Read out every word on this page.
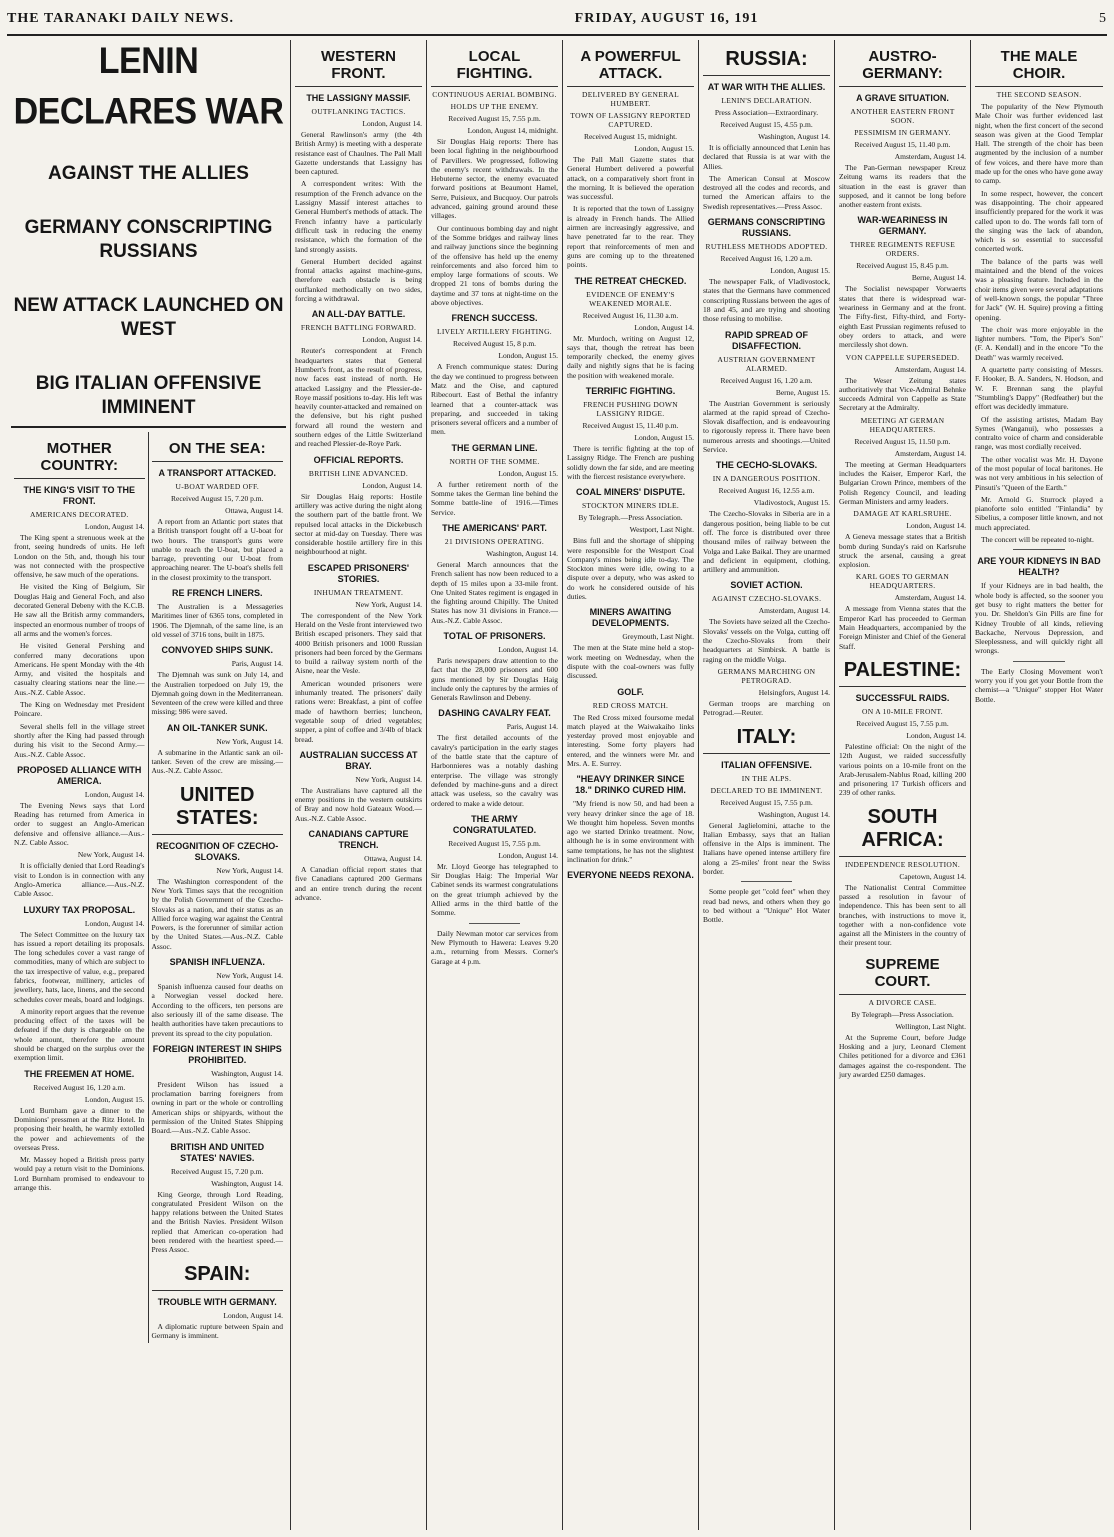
THE TARANAKI DAILY NEWS.	FRIDAY, AUGUST 16, 191	5
LENIN DECLARES WAR
AGAINST THE ALLIES
GERMANY CONSCRIPTING RUSSIANS
NEW ATTACK LAUNCHED ON WEST
BIG ITALIAN OFFENSIVE IMMINENT
MOTHER COUNTRY:
THE KING'S VISIT TO THE FRONT.
AMERICANS DECORATED.
London, August 14.

The King spent a strenuous week at the front, seeing hundreds of units. He left London on the 5th, and, though his tour was not connected with the prospective offensive, he saw much of the operations.

He visited the King of Belgium, Sir Douglas Haig and General Foch, and also decorated General Debeny with the K.C.B. He saw all the British army commanders, inspected an enormous number of troops of all arms and the women's forces.

He visited General Pershing and conferred many decorations upon Americans. He spent Monday with the 4th Army, and visited the hospitals and casualty clearing stations near the line.—Aus.-N.Z. Cable Assoc.

The King on Wednesday met President Poincare.

Several shells fell in the village street shortly after the King had passed through during his visit to the Second Army.—Aus.-N.Z. Cable Assoc.

PROPOSED ALLIANCE WITH AMERICA.
London, August 14.

The Evening News says that Lord Reading has returned from America in order to suggest an Anglo-American defensive and offensive alliance.—Aus.-N.Z. Cable Assoc.

New York, August 14.

It is officially denied that Lord Reading's visit to London is in connection with any Anglo-America alliance.—Aus.-N.Z. Cable Assoc.

LUXURY TAX PROPOSAL.
London, August 14.

The Select Committee on the luxury tax has issued a report detailing its proposals. The long schedules cover a vast range of commodities, many of which are subject to the tax irrespective of value, e.g., prepared fabrics, footwear, millinery, articles of jewellery, hats, lace, linens, and the second schedules cover meals, board and lodgings.

A minority report argues that the revenue producing effect of the taxes will be defeated if the duty is chargeable on the whole amount, therefore the amount should be charged on the surplus over the exemption limit.

THE FREEMEN AT HOME.
Received August 16, 1.20 a.m.
London, August 15.

Lord Burnham gave a dinner to the Dominions' pressmen at the Ritz Hotel. In proposing their health, he warmly extolled the power and achievements of the overseas Press.

Mr. Massey hoped a British press party would pay a return visit to the Dominions. Lord Burnham promised to endeavour to arrange this.

ON THE SEA:
A TRANSPORT ATTACKED.
U-BOAT WARDED OFF.
Received August 15, 7.20 p.m.
Ottawa, August 14.

A report from an Atlantic port states that a British transport fought off a U-boat for two hours. The transport's guns were unable to reach the U-boat, but placed a barrage, preventing our U-boat from approaching nearer. The U-boat's shells fell in the closest proximity to the transport.

RE FRENCH LINERS.

The Australien is a Messageries Maritimes liner of 6365 tons, completed in 1906. The Djemnah, of the same line, is an old vessel of 3716 tons, built in 1875.

CONVOYED SHIPS SUNK.
Paris, August 14.

The Djemnah was sunk on July 14, and the Australien torpedoed on July 19, the Djemnah going down in the Mediterranean. Seventeen of the crew were killed and three missing; 986 were saved.

AN OIL-TANKER SUNK.
New York, August 14.

A submarine in the Atlantic sank an oil-tanker. Seven of the crew are missing.—Aus.-N.Z. Cable Assoc.

UNITED STATES:
RECOGNITION OF CZECHO-SLOVAKS.
New York, August 14.

The Washington correspondent of the New York Times says that the recognition by the Polish Government of the Czecho-Slovaks as a nation, and their status as an Allied force waging war against the Central Powers, is the forerunner of similar action by the United States.—Aus.-N.Z. Cable Assoc.

SPANISH INFLUENZA.
New York, August 14.

Spanish influenza caused four deaths on a Norwegian vessel docked here. According to the officers, ten persons are also seriously ill of the same disease. The health authorities have taken precautions to prevent its spread to the city population.

FOREIGN INTEREST IN SHIPS PROHIBITED.
Washington, August 14.

President Wilson has issued a proclamation barring foreigners from owning in part or the whole or controlling American ships or shipyards, without the permission of the United States Shipping Board.—Aus.-N.Z. Cable Assoc.

BRITISH AND UNITED STATES' NAVIES.
Received August 15, 7.20 p.m.
Washington, August 14.

King George, through Lord Reading, congratulated President Wilson on the happy relations between the United States and the British Navies. President Wilson replied that American co-operation had been rendered with the heartiest speed.—Press Assoc.

SPAIN:
TROUBLE WITH GERMANY.
London, August 14.

A diplomatic rupture between Spain and Germany is imminent.

WESTERN FRONT.
THE LASSIGNY MASSIF.
OUTFLANKING TACTICS.
London, August 14.

General Rawlinson's army (the 4th British Army) is meeting with a desperate resistance east of Chaulnes. The Pall Mall Gazette understands that Lassigny has been captured.

A correspondent writes: With the resumption of the French advance on the Lassigny Massif interest attaches to General Humbert's methods of attack. The French infantry have a particularly difficult task in reducing the enemy resistance, which the formation of the land strongly assists.

General Humbert decided against frontal attacks against machine-guns, therefore each obstacle is being outflanked methodically on two sides, forcing a withdrawal.

AN ALL-DAY BATTLE.
FRENCH BATTLING FORWARD.
London, August 14.

Reuter's correspondent at French headquarters states that General Humbert's front, as the result of progress, now faces east instead of north. He attacked Lassigny and the Plessier-de-Roye massif positions to-day. His left was heavily counter-attacked and remained on the defensive, but his right pushed forward all round the western and southern edges of the Little Switzerland and reached Plessier-de-Roye Park.

OFFICIAL REPORTS.
BRITISH LINE ADVANCED.
London, August 14.

Sir Douglas Haig reports: Hostile artillery was active during the night along the southern part of the battle front. We repulsed local attacks in the Dickebusch sector at mid-day on Tuesday. There was considerable hostile artillery fire in this neighbourhood at night.

ESCAPED PRISONERS' STORIES.
INHUMAN TREATMENT.
New York, August 14.

The correspondent of the New York Herald on the Vesle front interviewed two British escaped prisoners. They said that 4000 British prisoners and 1000 Russian prisoners had been forced by the Germans to build a railway system north of the Aisne, near the Vesle.

American wounded prisoners were inhumanly treated. The prisoners' daily rations were: Breakfast, a pint of coffee made of hawthorn berries; luncheon, vegetable soup of dried vegetables; supper, a pint of coffee and 3/4lb of black bread.

AUSTRALIAN SUCCESS AT BRAY.
New York, August 14.

The Australians have captured all the enemy positions in the western outskirts of Bray and now hold Gateaux Wood.—Aus.-N.Z. Cable Assoc.

CANADIANS CAPTURE TRENCH.
Ottawa, August 14.

A Canadian official report states that five Canadians captured 200 Germans and an entire trench during the recent advance.

LOCAL FIGHTING.
CONTINUOUS AERIAL BOMBING.
HOLDS UP THE ENEMY.
Received August 15, 7.55 p.m.
London, August 14, midnight.

Sir Douglas Haig reports: There has been local fighting in the neighbourhood of Parvillers. We progressed, following the enemy's recent withdrawals. In the Hebuterne sector, the enemy evacuated forward positions at Beaumont Hamel, Serre, Puisieux, and Bucquoy. Our patrols advanced, gaining ground around these villages.

Our continuous bombing day and night of the Somme bridges and railway lines and railway junctions since the beginning of the offensive has held up the enemy reinforcements and also forced him to employ large formations of scouts. We dropped 21 tons of bombs during the daytime and 37 tons at night-time on the above objectives.

FRENCH SUCCESS.
LIVELY ARTILLERY FIGHTING.
Received August 15, 8 p.m.
London, August 15.

A French communique states: During the day we continued to progress between Matz and the Oise, and captured Ribecourt. East of Bethal the infantry learned that a counter-attack was preparing, and succeeded in taking prisoners several officers and a number of men.

THE GERMAN LINE.
NORTH OF THE SOMME.
London, August 15.

A further retirement north of the Somme takes the German line behind the Somme battle-line of 1916.—Times Service.

THE AMERICANS' PART.
21 DIVISIONS OPERATING.
Washington, August 14.

General March announces that the French salient has now been reduced to a depth of 15 miles upon a 33-mile front. One United States regiment is engaged in the fighting around Chipilly. The United States has now 31 divisions in France.—Aus.-N.Z. Cable Assoc.

TOTAL OF PRISONERS.
London, August 14.

Paris newspapers draw attention to the fact that the 28,000 prisoners and 600 guns mentioned by Sir Douglas Haig include only the captures by the armies of Generals Rawlinson and Debeny.

DASHING CAVALRY FEAT.
Paris, August 14.

The first detailed accounts of the cavalry's participation in the early stages of the battle state that the capture of Harbonnieres was a notably dashing enterprise. The village was strongly defended by machine-guns and a direct attack was useless, so the cavalry was ordered to make a wide detour.

THE ARMY CONGRATULATED.
Received August 15, 7.55 p.m.
London, August 14.

Mr. Lloyd George has telegraphed to Sir Douglas Haig: The Imperial War Cabinet sends its warmest congratulations on the great triumph achieved by the Allied arms in the third battle of the Somme.

Daily Newman motor car services from New Plymouth to Hawera: Leaves 9.20 a.m., returning from Messrs. Corner's Garage at 4 p.m.

A POWERFUL ATTACK.
DELIVERED BY GENERAL HUMBERT.
TOWN OF LASSIGNY REPORTED CAPTURED.
Received August 15, midnight.
London, August 15.

The Pall Mall Gazette states that General Humbert delivered a powerful attack, on a comparatively short front in the morning. It is believed the operation was successful.

It is reported that the town of Lassigny is already in French hands. The Allied airmen are increasingly aggressive, and have penetrated far to the rear. They report that reinforcements of men and guns are coming up to the threatened points.

THE RETREAT CHECKED.
EVIDENCE OF ENEMY'S WEAKENED MORALE.
Received August 16, 11.30 a.m.
London, August 14.

Mr. Murdoch, writing on August 12, says that, though the retreat has been temporarily checked, the enemy gives daily and nightly signs that he is facing the position with weakened morale.

TERRIFIC FIGHTING.
FRENCH PUSHING DOWN LASSIGNY RIDGE.
Received August 15, 11.40 p.m.
London, August 15.

There is terrific fighting at the top of Lassigny Ridge. The French are pushing solidly down the far side, and are meeting with the fiercest resistance everywhere.

COAL MINERS' DISPUTE.
STOCKTON MINERS IDLE.
By Telegraph.—Press Association.
Westport, Last Night.

Bins full and the shortage of shipping were responsible for the Westport Coal Company's mines being idle to-day. The Stockton mines were idle, owing to a dispute over a deputy, who was asked to do work he considered outside of his duties.

MINERS AWAITING DEVELOPMENTS.
Greymouth, Last Night.

The men at the State mine held a stop-work meeting on Wednesday, when the dispute with the coal-owners was fully discussed.

GOLF.
RED CROSS MATCH.

The Red Cross mixed foursome medal match played at the Waiwakaiho links yesterday proved most enjoyable and interesting. Some forty players had entered, and the winners were Mr. and Mrs. A. E. Surrey.

"HEAVY DRINKER SINCE 18." DRINKO CURED HIM.

"My friend is now 50, and had been a very heavy drinker since the age of 18. We thought him hopeless. Seven months ago we started Drinko treatment. Now, although he is in some environment with same temptations, he has not the slightest inclination for drink."

EVERYONE NEEDS REXONA.
RUSSIA:
AT WAR WITH THE ALLIES.
LENIN'S DECLARATION.
Press Association—Extraordinary.
Received August 15, 4.55 p.m.
Washington, August 14.

It is officially announced that Lenin has declared that Russia is at war with the Allies.

The American Consul at Moscow destroyed all the codes and records, and turned the American affairs to the Swedish representatives.—Press Assoc.

GERMANS CONSCRIPTING RUSSIANS.
RUTHLESS METHODS ADOPTED.
Received August 16, 1.20 a.m.
London, August 15.

The newspaper Falk, of Vladivostock, states that the Germans have commenced conscripting Russians between the ages of 18 and 45, and are trying and shooting those refusing to mobilise.

RAPID SPREAD OF DISAFFECTION.
AUSTRIAN GOVERNMENT ALARMED.
Received August 16, 1.20 a.m.
Berne, August 15.

The Austrian Government is seriously alarmed at the rapid spread of Czecho-Slovak disaffection, and is endeavouring to rigorously repress it. There have been numerous arrests and shootings.—United Service.

THE CECHO-SLOVAKS.
IN A DANGEROUS POSITION.
Received August 16, 12.55 a.m.
Vladivostock, August 15.

The Czecho-Slovaks in Siberia are in a dangerous position, being liable to be cut off. The force is distributed over three thousand miles of railway between the Volga and Lake Baikal. They are unarmed and deficient in equipment, clothing, artillery and ammunition.

SOVIET ACTION.
AGAINST CZECHO-SLOVAKS.
Amsterdam, August 14.

The Soviets have seized all the Czecho-Slovaks' vessels on the Volga, cutting off the Czecho-Slovaks from their headquarters at Simbirsk. A battle is raging on the middle Volga.

GERMANS MARCHING ON PETROGRAD.
Helsingfors, August 14.

German troops are marching on Petrograd.—Reuter.

ITALY:
ITALIAN OFFENSIVE.
IN THE ALPS.
DECLARED TO BE IMMINENT.
Received August 15, 7.55 p.m.
Washington, August 14.

General Jaglielomini, attache to the Italian Embassy, says that an Italian offensive in the Alps is imminent. The Italians have opened intense artillery fire along a 25-miles' front near the Swiss border.

Some people get "cold feet" when they read bad news, and others when they go to bed without a "Unique" Hot Water Bottle.

AUSTRO-GERMANY:
A GRAVE SITUATION.
ANOTHER EASTERN FRONT SOON.
PESSIMISM IN GERMANY.
Received August 15, 11.40 p.m.
Amsterdam, August 14.

The Pan-German newspaper Kreuz Zeitung warns its readers that the situation in the east is graver than supposed, and it cannot be long before another eastern front exists.

WAR-WEARINESS IN GERMANY.
THREE REGIMENTS REFUSE ORDERS.
Received August 15, 8.45 p.m.
Berne, August 14.

The Socialist newspaper Vorwaerts states that there is widespread war-weariness in Germany and at the front. The Fifty-first, Fifty-third, and Forty-eighth East Prussian regiments refused to obey orders to attack, and were mercilessly shot down.

VON CAPPELLE SUPERSEDED.
Amsterdam, August 14.

The Weser Zeitung states authoritatively that Vice-Admiral Behnke succeeds Admiral von Cappelle as State Secretary at the Admiralty.

MEETING AT GERMAN HEADQUARTERS.
Received August 15, 11.50 p.m.
Amsterdam, August 14.

The meeting at German Headquarters includes the Kaiser, Emperor Karl, the Bulgarian Crown Prince, members of the Polish Regency Council, and leading German Ministers and army leaders.

DAMAGE AT KARLSRUHE.
London, August 14.

A Geneva message states that a British bomb during Sunday's raid on Karlsruhe struck the arsenal, causing a great explosion.

KARL GOES TO GERMAN HEADQUARTERS.
Amsterdam, August 14.

A message from Vienna states that the Emperor Karl has proceeded to German Main Headquarters, accompanied by the Foreign Minister and Chief of the General Staff.

PALESTINE:
SUCCESSFUL RAIDS.
ON A 10-MILE FRONT.
Received August 15, 7.55 p.m.
London, August 14.

Palestine official: On the night of the 12th August, we raided successfully various points on a 10-mile front on the Arab-Jerusalem-Nablus Road, killing 200 and prisonering 17 Turkish officers and 239 of other ranks.

SOUTH AFRICA:
INDEPENDENCE RESOLUTION.
Capetown, August 14.

The Nationalist Central Committee passed a resolution in favour of independence. This has been sent to all branches, with instructions to move it, together with a non-confidence vote against all the Ministers in the country of their present tour.

SUPREME COURT.
A DIVORCE CASE.
By Telegraph—Press Association.
Wellington, Last Night.

At the Supreme Court, before Judge Hosking and a jury, Leonard Clement Chiles petitioned for a divorce and £361 damages against the co-respondent. The jury awarded £250 damages.

THE MALE CHOIR.
THE SECOND SEASON.

The popularity of the New Plymouth Male Choir was further evidenced last night, when the first concert of the second season was given at the Good Templar Hall. The strength of the choir has been augmented by the inclusion of a number of few voices, and there have more than made up for the ones who have gone away to camp.

In some respect, however, the concert was disappointing. The choir appeared insufficiently prepared for the work it was called upon to do. The words fall torn of the singing was the lack of abandon, which is so essential to successful concerted work.

The balance of the parts was well maintained and the blend of the voices was a pleasing feature. Included in the choir items given were several adaptations of well-known songs, the popular "Three for Jack" (W. H. Squire) proving a fitting opening.

The choir was more enjoyable in the lighter numbers. "Tom, the Piper's Son" (F. A. Kendall) and in the encore "To the Death" was warmly received.

A quartette party consisting of Messrs. F. Hooker, B. A. Sanders, N. Hodson, and W. F. Brennan sang the playful "Stumbling's Dappy" (Redfeather) but the effort was decidedly immature.

Of the assisting artistes, Madam Bay Symes (Wanganui), who possesses a contralto voice of charm and considerable range, was most cordially received.

The other vocalist was Mr. H. Dayone of the most popular of local baritones. He was not very ambitious in his selection of Pinsuti's "Queen of the Earth."

Mr. Arnold G. Sturrock played a pianoforte solo entitled "Finlandia" by Sibelius, a composer little known, and not much appreciated.

The concert will be repeated to-night.

ARE YOUR KIDNEYS IN BAD HEALTH?

If your Kidneys are in bad health, the whole body is affected, so the sooner you get busy to right matters the better for you. Dr. Sheldon's Gin Pills are fine for Kidney Trouble of all kinds, relieving Backache, Nervous Depression, and Sleeplessness, and will quickly right all wrongs.

The Early Closing Movement won't worry you if you get your Bottle from the chemist—a "Unique" stopper Hot Water Bottle.
